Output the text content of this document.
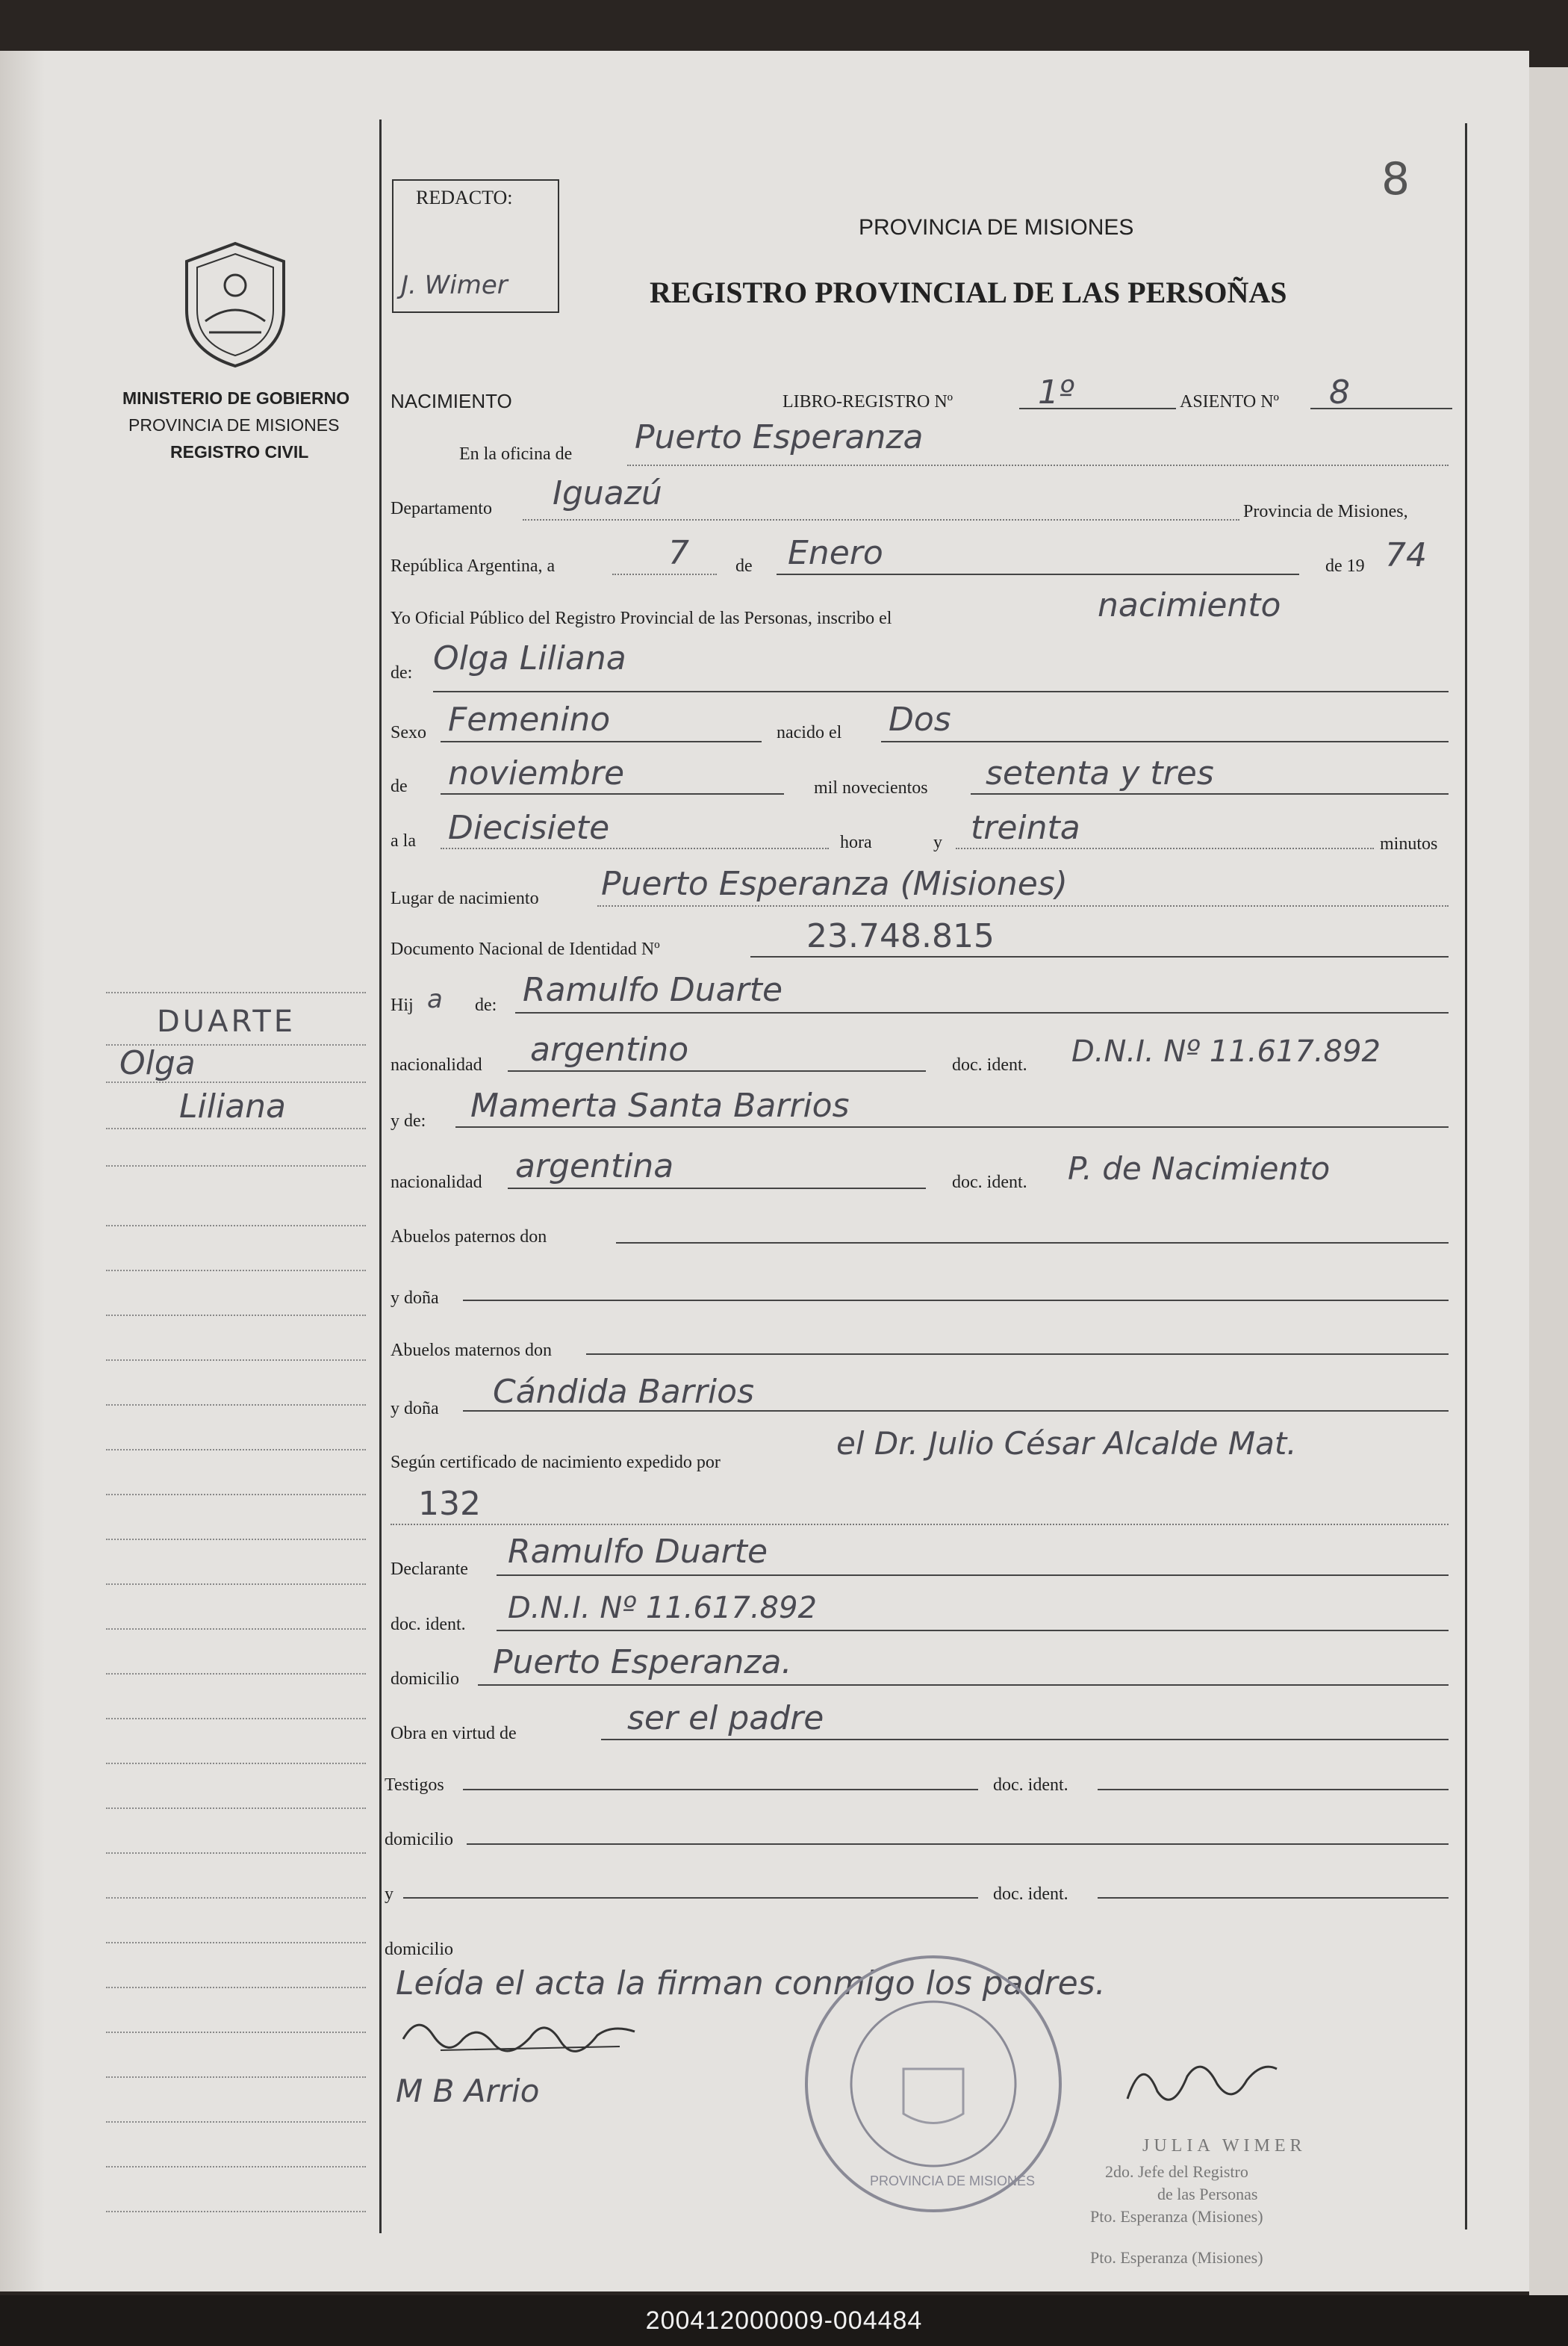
8
REDACTO:
J. Wimer
PROVINCIA DE MISIONES
REGISTRO PROVINCIAL DE LAS PERSOÑAS
MINISTERIO DE GOBIERNO
PROVINCIA DE MISIONES
REGISTRO CIVIL
DUARTE
Olga
Liliana
NACIMIENTO	LIBRO-REGISTRO Nº	1º	ASIENTO Nº 8
En la oficina de Puerto Esperanza
Departamento Iguazú	Provincia de Misiones,
República Argentina, a	7	de Enero	de 19 74
Yo Oficial Público del Registro Provincial de las Personas, inscribo el	nacimiento
de: Olga Liliana
Sexo Femenino	nacido el Dos
de noviembre	mil novecientos setenta y tres
a la Diecisiete	hora	y treinta	minutos
Lugar de nacimiento Puerto Esperanza (Misiones)
Documento Nacional de Identidad Nº	23.748.815
Hij a de: Ramulfo Duarte
nacionalidad argentino	doc. ident. D.N.I. Nº 11.617.892
y de: Mamerta Santa Barrios
nacionalidad argentina	doc. ident. P. de Nacimiento
Abuelos paternos don
y doña
Abuelos maternos don
y doña Cándida Barrios
Según certificado de nacimiento expedido por
el Dr. Julio César Alcalde Mat.
132
Declarante Ramulfo Duarte
doc. ident. D.N.I. Nº 11.617.892
domicilio Puerto Esperanza.
Obra en virtud de	ser el padre
Testigos	doc. ident.
domicilio
y	doc. ident.
domicilio
Leída el acta la firman conmigo los padres.
M B Arrio
PROVINCIA DE MISIONES
JULIA WIMER
2do. Jefe del Registro
de las Personas
Pto. Esperanza (Misiones)
Pto. Esperanza (Misiones)
200412000009-004484
